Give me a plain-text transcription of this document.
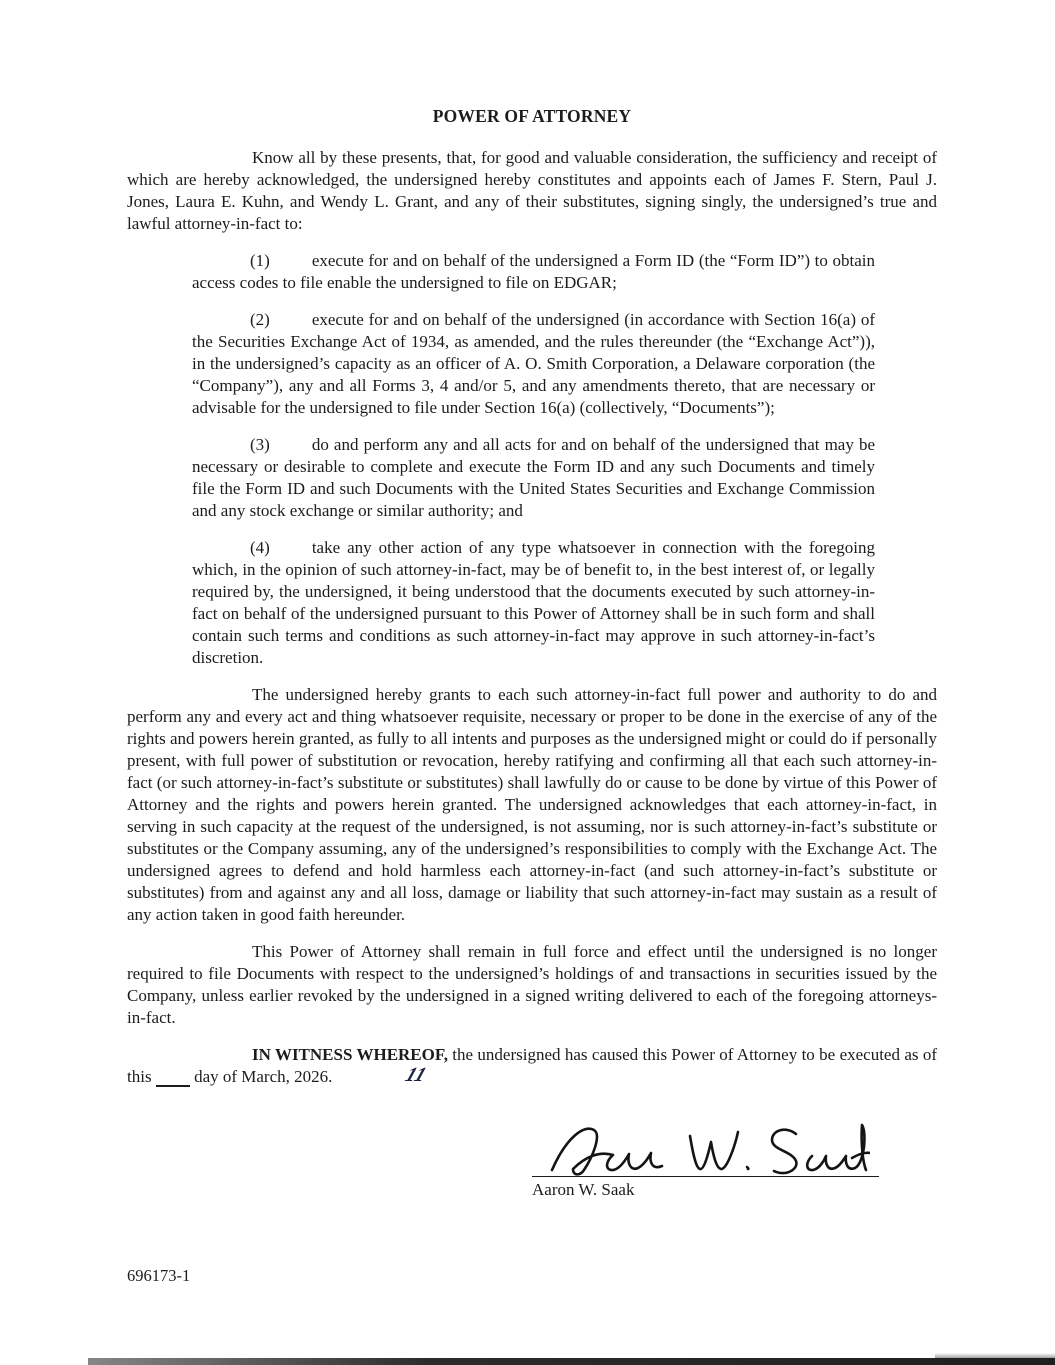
POWER OF ATTORNEY

Know all by these presents, that, for good and valuable consideration, the sufficiency and receipt of which are hereby acknowledged, the undersigned hereby constitutes and appoints each of James F. Stern, Paul J. Jones, Laura E. Kuhn, and Wendy L. Grant, and any of their substitutes, signing singly, the undersigned’s true and lawful attorney-in-fact to:

(1) execute for and on behalf of the undersigned a Form ID (the “Form ID”) to obtain access codes to file enable the undersigned to file on EDGAR;

(2) execute for and on behalf of the undersigned (in accordance with Section 16(a) of the Securities Exchange Act of 1934, as amended, and the rules thereunder (the “Exchange Act”)), in the undersigned’s capacity as an officer of A. O. Smith Corporation, a Delaware corporation (the “Company”), any and all Forms 3, 4 and/or 5, and any amendments thereto, that are necessary or advisable for the undersigned to file under Section 16(a) (collectively, “Documents”);

(3) do and perform any and all acts for and on behalf of the undersigned that may be necessary or desirable to complete and execute the Form ID and any such Documents and timely file the Form ID and such Documents with the United States Securities and Exchange Commission and any stock exchange or similar authority; and

(4) take any other action of any type whatsoever in connection with the foregoing which, in the opinion of such attorney-in-fact, may be of benefit to, in the best interest of, or legally required by, the undersigned, it being understood that the documents executed by such attorney-in-fact on behalf of the undersigned pursuant to this Power of Attorney shall be in such form and shall contain such terms and conditions as such attorney-in-fact may approve in such attorney-in-fact’s discretion.

The undersigned hereby grants to each such attorney-in-fact full power and authority to do and perform any and every act and thing whatsoever requisite, necessary or proper to be done in the exercise of any of the rights and powers herein granted, as fully to all intents and purposes as the undersigned might or could do if personally present, with full power of substitution or revocation, hereby ratifying and confirming all that each such attorney-in-fact (or such attorney-in-fact’s substitute or substitutes) shall lawfully do or cause to be done by virtue of this Power of Attorney and the rights and powers herein granted. The undersigned acknowledges that each attorney-in-fact, in serving in such capacity at the request of the undersigned, is not assuming, nor is such attorney-in-fact’s substitute or substitutes or the Company assuming, any of the undersigned’s responsibilities to comply with the Exchange Act. The undersigned agrees to defend and hold harmless each attorney-in-fact (and such attorney-in-fact’s substitute or substitutes) from and against any and all loss, damage or liability that such attorney-in-fact may sustain as a result of any action taken in good faith hereunder.

This Power of Attorney shall remain in full force and effect until the undersigned is no longer required to file Documents with respect to the undersigned’s holdings of and transactions in securities issued by the Company, unless earlier revoked by the undersigned in a signed writing delivered to each of the foregoing attorneys-in-fact.

IN WITNESS WHEREOF, the undersigned has caused this Power of Attorney to be executed as of this	11 day of March, 2026.

Aaron W. Saak
696173-1
